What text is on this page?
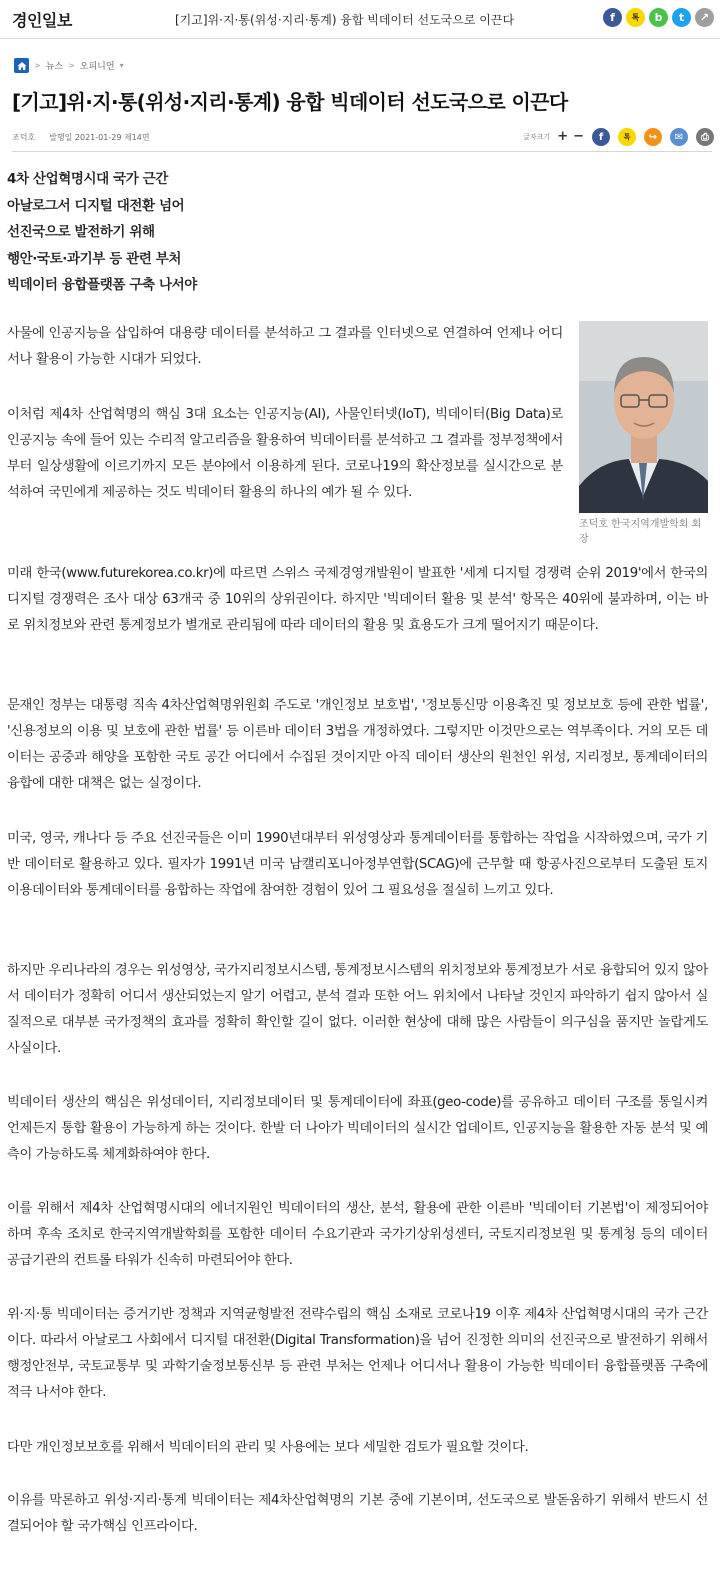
경인일보	[기고]위·지·통(위성·지리·통계) 융합 빅데이터 선도국으로 이끈다	f	톡	b	t	↗
> 뉴스 > 오피니언 ▾
[기고]위·지·통(위성·지리·통계) 융합 빅데이터 선도국으로 이끈다
조덕호 발행일 2021-01-29 제14면	글자크기 + −	f	톡	↪	✉	⎙
4차 산업혁명시대 국가 근간
아날로그서 디지털 대전환 넘어
선진국으로 발전하기 위해
행안·국토·과기부 등 관련 부처
빅데이터 융합플랫폼 구축 나서야
조덕호 한국지역개발학회 회장

사물에 인공지능을 삽입하여 대용량 데이터를 분석하고 그 결과를 인터넷으로 연결하여 언제나 어디서나 활용이 가능한 시대가 되었다.

이처럼 제4차 산업혁명의 핵심 3대 요소는 인공지능(AI), 사물인터넷(IoT), 빅데이터(Big Data)로 인공지능 속에 들어 있는 수리적 알고리즘을 활용하여 빅데이터를 분석하고 그 결과를 정부정책에서부터 일상생활에 이르기까지 모든 분야에서 이용하게 된다. 코로나19의 확산정보를 실시간으로 분석하여 국민에게 제공하는 것도 빅데이터 활용의 하나의 예가 될 수 있다.

미래 한국(www.futurekorea.co.kr)에 따르면 스위스 국제경영개발원이 발표한 '세계 디지털 경쟁력 순위 2019'에서 한국의 디지털 경쟁력은 조사 대상 63개국 중 10위의 상위권이다. 하지만 '빅데이터 활용 및 분석' 항목은 40위에 불과하며, 이는 바로 위치정보와 관련 통계정보가 별개로 관리됨에 따라 데이터의 활용 및 효용도가 크게 떨어지기 때문이다.

문재인 정부는 대통령 직속 4차산업혁명위원회 주도로 '개인정보 보호법', '정보통신망 이용촉진 및 정보보호 등에 관한 법률', '신용정보의 이용 및 보호에 관한 법률' 등 이른바 데이터 3법을 개정하였다. 그렇지만 이것만으로는 역부족이다. 거의 모든 데이터는 공중과 해양을 포함한 국토 공간 어디에서 수집된 것이지만 아직 데이터 생산의 원천인 위성, 지리정보, 통계데이터의 융합에 대한 대책은 없는 실정이다.

미국, 영국, 캐나다 등 주요 선진국들은 이미 1990년대부터 위성영상과 통계데이터를 통합하는 작업을 시작하였으며, 국가 기반 데이터로 활용하고 있다. 필자가 1991년 미국 남캘리포니아정부연합(SCAG)에 근무할 때 항공사진으로부터 도출된 토지이용데이터와 통계데이터를 융합하는 작업에 참여한 경험이 있어 그 필요성을 절실히 느끼고 있다.

하지만 우리나라의 경우는 위성영상, 국가지리정보시스템, 통계정보시스템의 위치정보와 통계정보가 서로 융합되어 있지 않아서 데이터가 정확히 어디서 생산되었는지 알기 어렵고, 분석 결과 또한 어느 위치에서 나타날 것인지 파악하기 쉽지 않아서 실질적으로 대부분 국가정책의 효과를 정확히 확인할 길이 없다. 이러한 현상에 대해 많은 사람들이 의구심을 품지만 놀랍게도 사실이다.

빅데이터 생산의 핵심은 위성데이터, 지리정보데이터 및 통계데이터에 좌표(geo-code)를 공유하고 데이터 구조를 통일시켜 언제든지 통합 활용이 가능하게 하는 것이다. 한발 더 나아가 빅데이터의 실시간 업데이트, 인공지능을 활용한 자동 분석 및 예측이 가능하도록 체계화하여야 한다.

이를 위해서 제4차 산업혁명시대의 에너지원인 빅데이터의 생산, 분석, 활용에 관한 이른바 '빅데이터 기본법'이 제정되어야 하며 후속 조치로 한국지역개발학회를 포함한 데이터 수요기관과 국가기상위성센터, 국토지리정보원 및 통계청 등의 데이터 공급기관의 컨트롤 타워가 신속히 마련되어야 한다.

위·지·통 빅데이터는 증거기반 정책과 지역균형발전 전략수립의 핵심 소재로 코로나19 이후 제4차 산업혁명시대의 국가 근간이다. 따라서 아날로그 사회에서 디지털 대전환(Digital Transformation)을 넘어 진정한 의미의 선진국으로 발전하기 위해서 행정안전부, 국토교통부 및 과학기술정보통신부 등 관련 부처는 언제나 어디서나 활용이 가능한 빅데이터 융합플랫폼 구축에 적극 나서야 한다.

다만 개인정보보호를 위해서 빅데이터의 관리 및 사용에는 보다 세밀한 검토가 필요할 것이다.

이유를 막론하고 위성·지리·통계 빅데이터는 제4차산업혁명의 기본 중에 기본이며, 선도국으로 발돋움하기 위해서 반드시 선결되어야 할 국가핵심 인프라이다.
